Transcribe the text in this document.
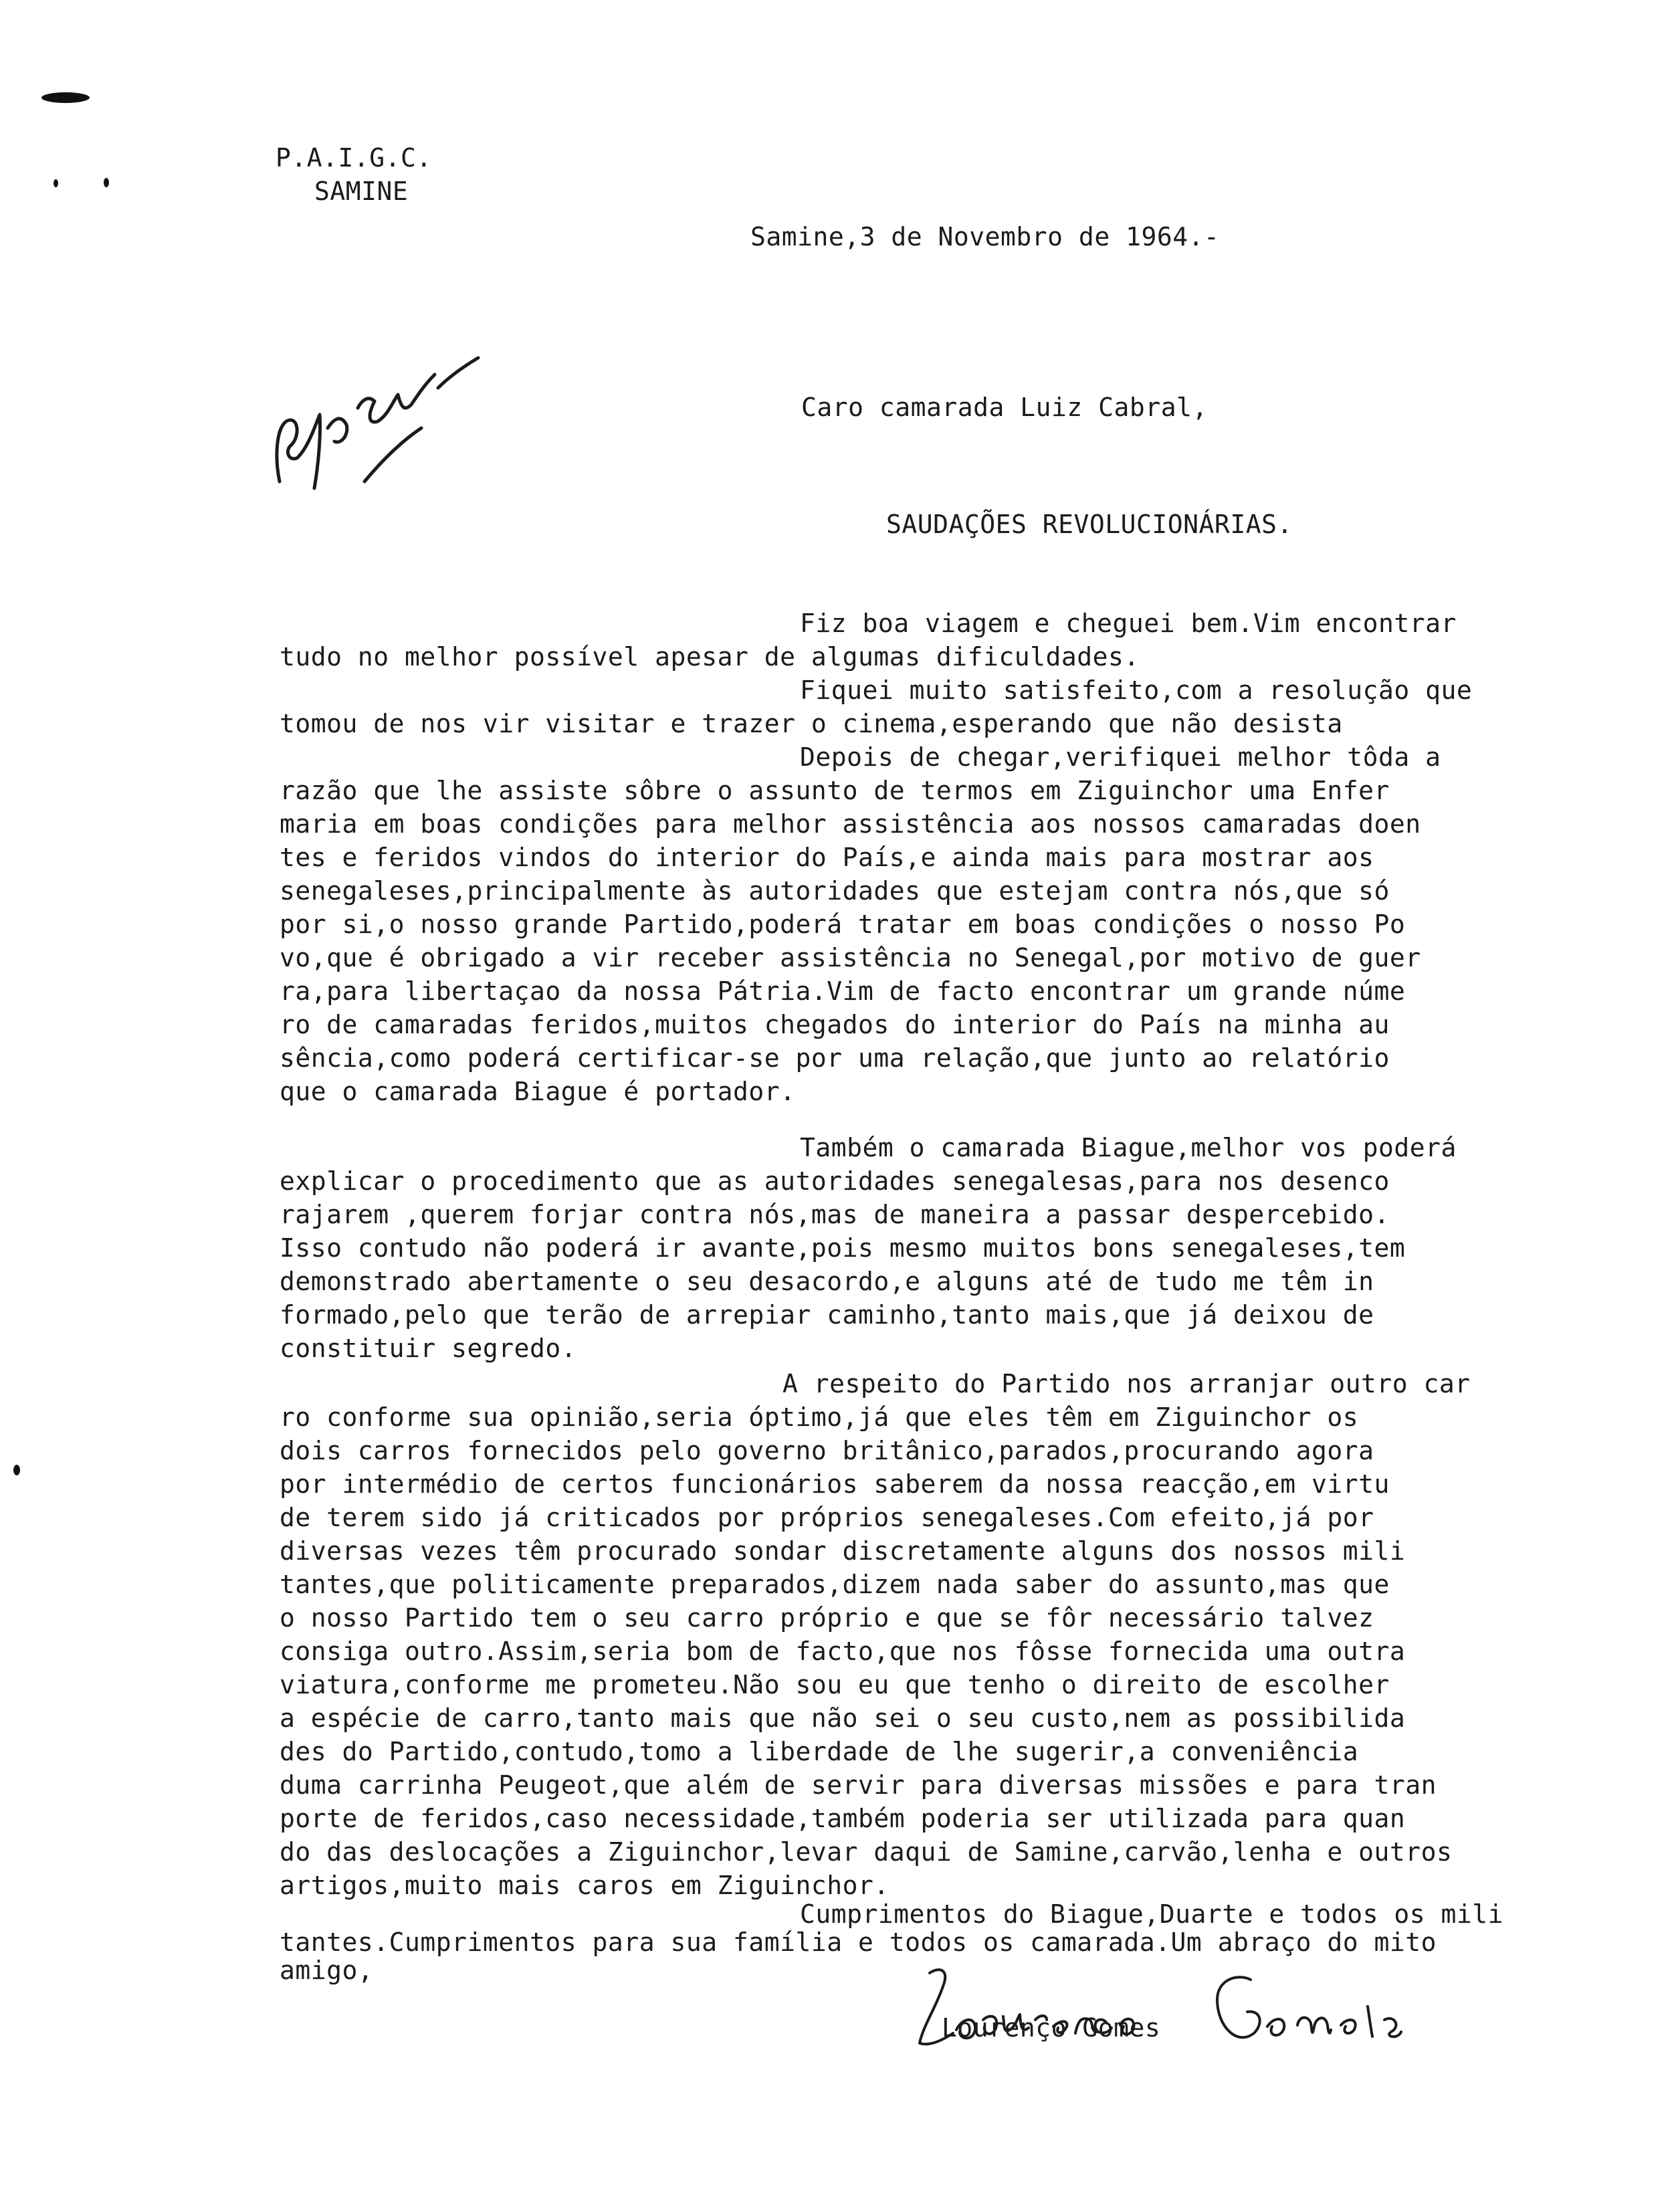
P.A.I.G.C.
SAMINE
Samine,3 de Novembro de 1964.-
Caro camarada Luiz Cabral,
SAUDAÇÕES REVOLUCIONÁRIAS.
Fiz boa viagem e cheguei bem.Vim encontrar
tudo no melhor possível apesar de algumas dificuldades.
Fiquei muito satisfeito,com a resolução que
tomou de nos vir visitar e trazer o cinema,esperando que não desista
Depois de chegar,verifiquei melhor tôda a
razão que lhe assiste sôbre o assunto de termos em Ziguinchor uma Enfer
maria em boas condições para melhor assistência aos nossos camaradas doen
tes e feridos vindos do interior do País,e ainda mais para mostrar aos
senegaleses,principalmente às autoridades que estejam contra nós,que só
por si,o nosso grande Partido,poderá tratar em boas condições o nosso Po
vo,que é obrigado a vir receber assistência no Senegal,por motivo de guer
ra,para libertaçao da nossa Pátria.Vim de facto encontrar um grande núme
ro de camaradas feridos,muitos chegados do interior do País na minha au
sência,como poderá certificar-se por uma relação,que junto ao relatório
que o camarada Biague é portador.
Também o camarada Biague,melhor vos poderá
explicar o procedimento que as autoridades senegalesas,para nos desenco
rajarem ,querem forjar contra nós,mas de maneira a passar despercebido.
Isso contudo não poderá ir avante,pois mesmo muitos bons senegaleses,tem
demonstrado abertamente o seu desacordo,e alguns até de tudo me têm in
formado,pelo que terão de arrepiar caminho,tanto mais,que já deixou de
constituir segredo.
A respeito do Partido nos arranjar outro car
ro conforme sua opinião,seria óptimo,já que eles têm em Ziguinchor os
dois carros fornecidos pelo governo britânico,parados,procurando agora
por intermédio de certos funcionários saberem da nossa reacção,em virtu
de terem sido já criticados por próprios senegaleses.Com efeito,já por
diversas vezes têm procurado sondar discretamente alguns dos nossos mili
tantes,que politicamente preparados,dizem nada saber do assunto,mas que
o nosso Partido tem o seu carro próprio e que se fôr necessário talvez
consiga outro.Assim,seria bom de facto,que nos fôsse fornecida uma outra
viatura,conforme me prometeu.Não sou eu que tenho o direito de escolher
a espécie de carro,tanto mais que não sei o seu custo,nem as possibilida
des do Partido,contudo,tomo a liberdade de lhe sugerir,a conveniência
duma carrinha Peugeot,que além de servir para diversas missões e para tran
porte de feridos,caso necessidade,também poderia ser utilizada para quan
do das deslocações a Ziguinchor,levar daqui de Samine,carvão,lenha e outros
artigos,muito mais caros em Ziguinchor.
Cumprimentos do Biague,Duarte e todos os mili
tantes.Cumprimentos para sua família e todos os camarada.Um abraço do mito
amigo,
Lourenço Gomes
